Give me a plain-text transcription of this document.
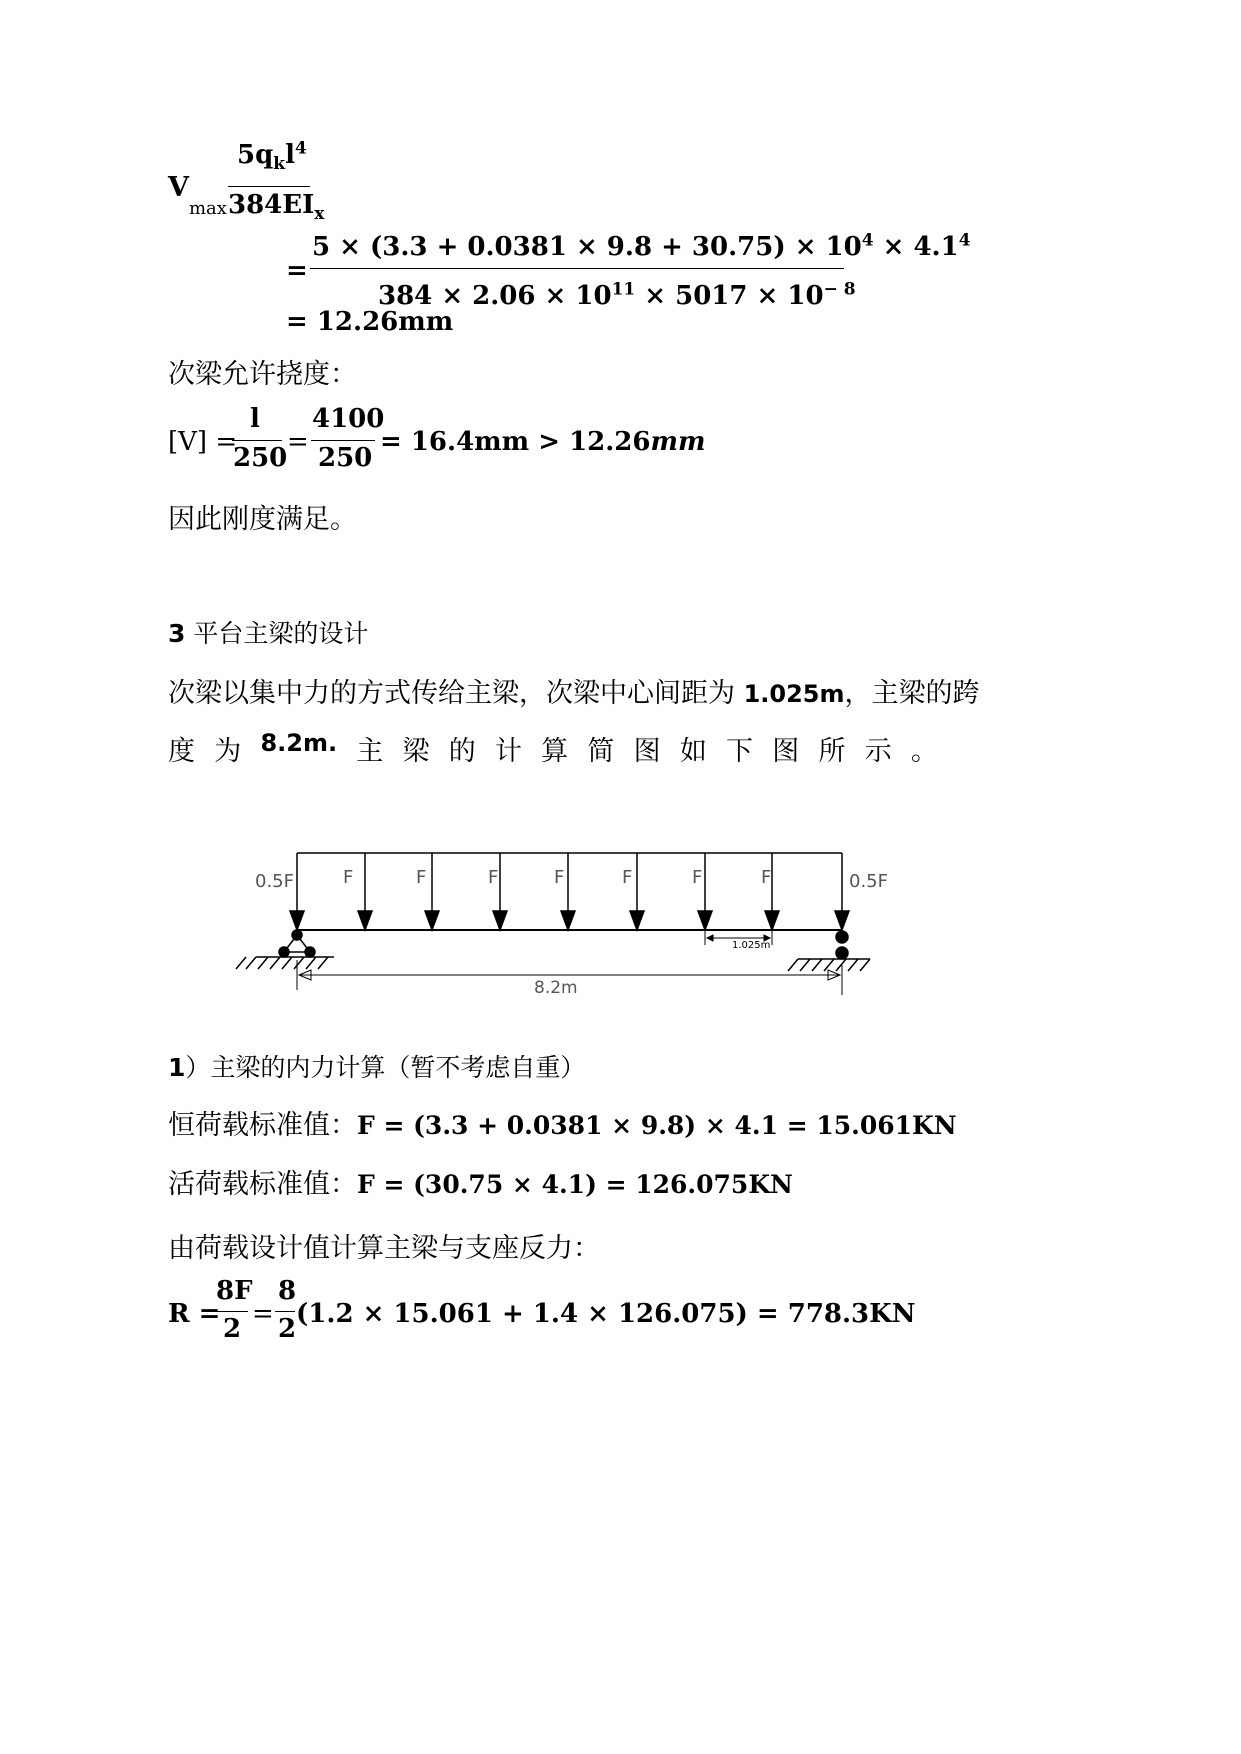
$V_{max}$
$5q_kl^4$
$384EI_x$
=
$5 \times (3.3 + 0.0381 \times 9.8 + 30.75) \times 10^4 \times 4.1^4$
$384 \times 2.06 \times 10^{11} \times 5017 \times 10^{- 8}$
= 12.26mm
次梁允许挠度：
[V] =
l
250
=
4100
250
= 16.4mm > 12.26mm
因此刚度满足。
3 平台主梁的设计
次梁以集中力的方式传给主梁，次梁中心间距为 1.025m，主梁的跨
度 为 8.2m. 主 梁 的 计 算 简 图 如 下 图 所 示 。
0.5F	0.5F
F	F	F	F	F	F	F
1.025m
8.2m
1）主梁的内力计算（暂不考虑自重）
恒荷载标准值：F = (3.3 + 0.0381 × 9.8) × 4.1 = 15.061KN
活荷载标准值：F = (30.75 × 4.1) = 126.075KN
由荷载设计值计算主梁与支座反力：
R =
8F
2 =
8
2 (1.2 × 15.061 + 1.4 × 126.075) = 778.3KN
